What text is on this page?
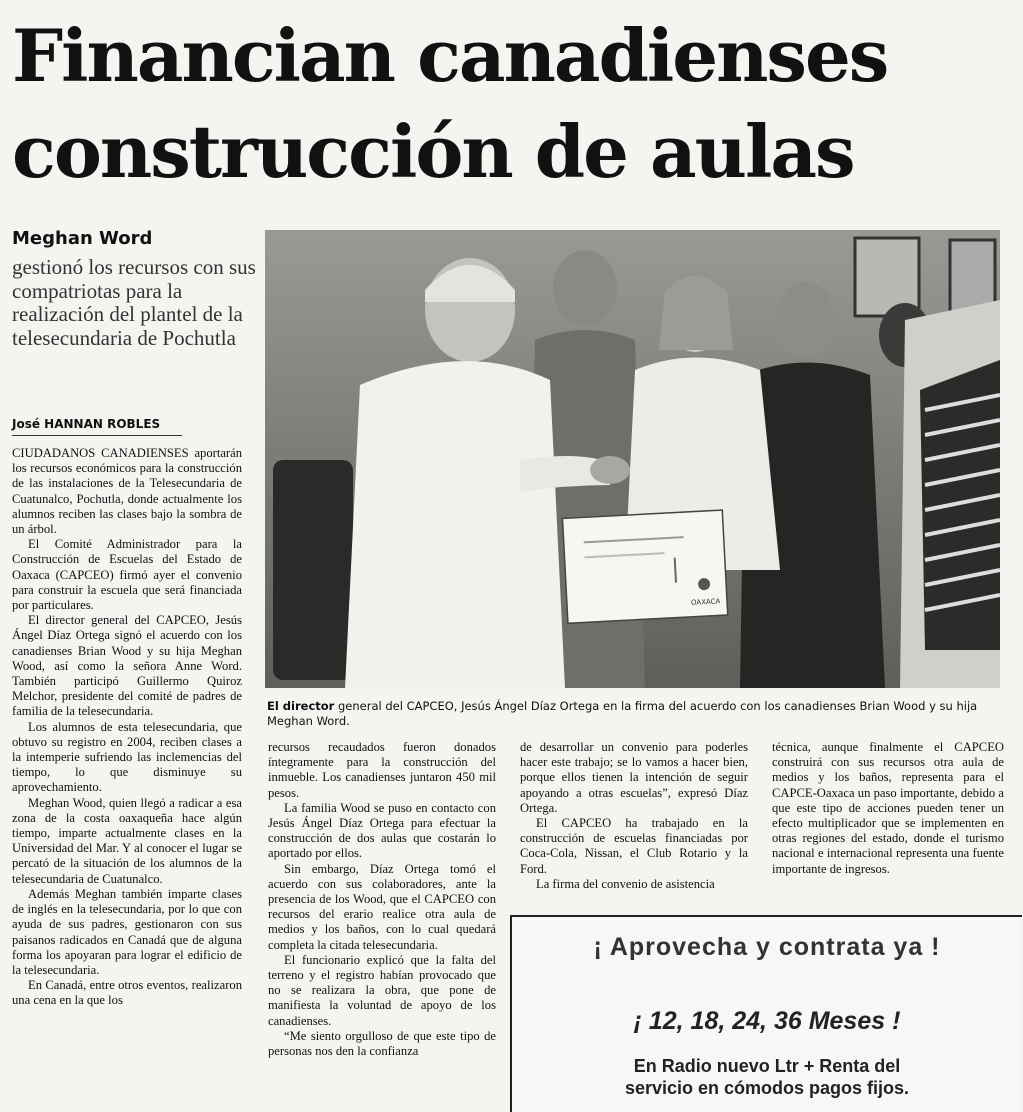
Financian canadienses
construcción de aulas
Meghan Word
gestionó los recursos con sus compatriotas para la realización del plantel de la telesecundaria de Pochutla
José HANNAN ROBLES

CIUDADANOS CANADIENSES aportarán los recursos económicos para la construcción de las instalaciones de la Telesecundaria de Cuatunalco, Pochutla, donde actualmente los alumnos reciben las clases bajo la sombra de un árbol.

El Comité Administrador para la Construcción de Escuelas del Estado de Oaxaca (CAPCEO) firmó ayer el convenio para construir la escuela que será financiada por particulares.

El director general del CAPCEO, Jesús Ángel Díaz Ortega signó el acuerdo con los canadienses Brian Wood y su hija Meghan Wood, así como la señora Anne Word. También participó Guillermo Quiroz Melchor, presidente del comité de padres de familia de la telesecundaria.

Los alumnos de esta telesecundaria, que obtuvo su registro en 2004, reciben clases a la intemperie sufriendo las inclemencias del tiempo, lo que disminuye su aprovechamiento.

Meghan Wood, quien llegó a radicar a esa zona de la costa oaxaqueña hace algún tiempo, imparte actualmente clases en la Universidad del Mar. Y al conocer el lugar se percató de la situación de los alumnos de la telesecundaria de Cuatunalco.

Además Meghan también imparte clases de inglés en la telesecundaria, por lo que con ayuda de sus padres, gestionaron con sus paisanos radicados en Canadá que de alguna forma los apoyaran para lograr el edificio de la telesecundaria.

En Canadá, entre otros eventos, realizaron una cena en la que los

OAXACA
El director general del CAPCEO, Jesús Ángel Díaz Ortega en la firma del acuerdo con los canadienses Brian Wood y su hija Meghan Word.

recursos recaudados fueron donados íntegramente para la construcción del inmueble. Los canadienses juntaron 450 mil pesos.

La familia Wood se puso en contacto con Jesús Ángel Díaz Ortega para efectuar la construcción de dos aulas que costarán lo aportado por ellos.

Sin embargo, Díaz Ortega tomó el acuerdo con sus colaboradores, ante la presencia de los Wood, que el CAPCEO con recursos del erario realice otra aula de medios y los baños, con lo cual quedará completa la citada telesecundaria.

El funcionario explicó que la falta del terreno y el registro habían provocado que no se realizara la obra, que pone de manifiesta la voluntad de apoyo de los canadienses.

“Me siento orgulloso de que este tipo de personas nos den la confianza

de desarrollar un convenio para poderles hacer este trabajo; se lo vamos a hacer bien, porque ellos tienen la intención de seguir apoyando a otras escuelas”, expresó Díaz Ortega.

El CAPCEO ha trabajado en la construcción de escuelas financiadas por Coca-Cola, Nissan, el Club Rotario y la Ford.

La firma del convenio de asistencia

técnica, aunque finalmente el CAPCEO construirá con sus recursos otra aula de medios y los baños, representa para el CAPCE-Oaxaca un paso importante, debido a que este tipo de acciones pueden tener un efecto multiplicador que se implementen en otras regiones del estado, donde el turismo nacional e internacional representa una fuente importante de ingresos.

¡ Aprovecha y contrata ya !
¡ 12, 18, 24, 36 Meses !
En Radio nuevo Ltr + Renta del
servicio en cómodos pagos fijos.
